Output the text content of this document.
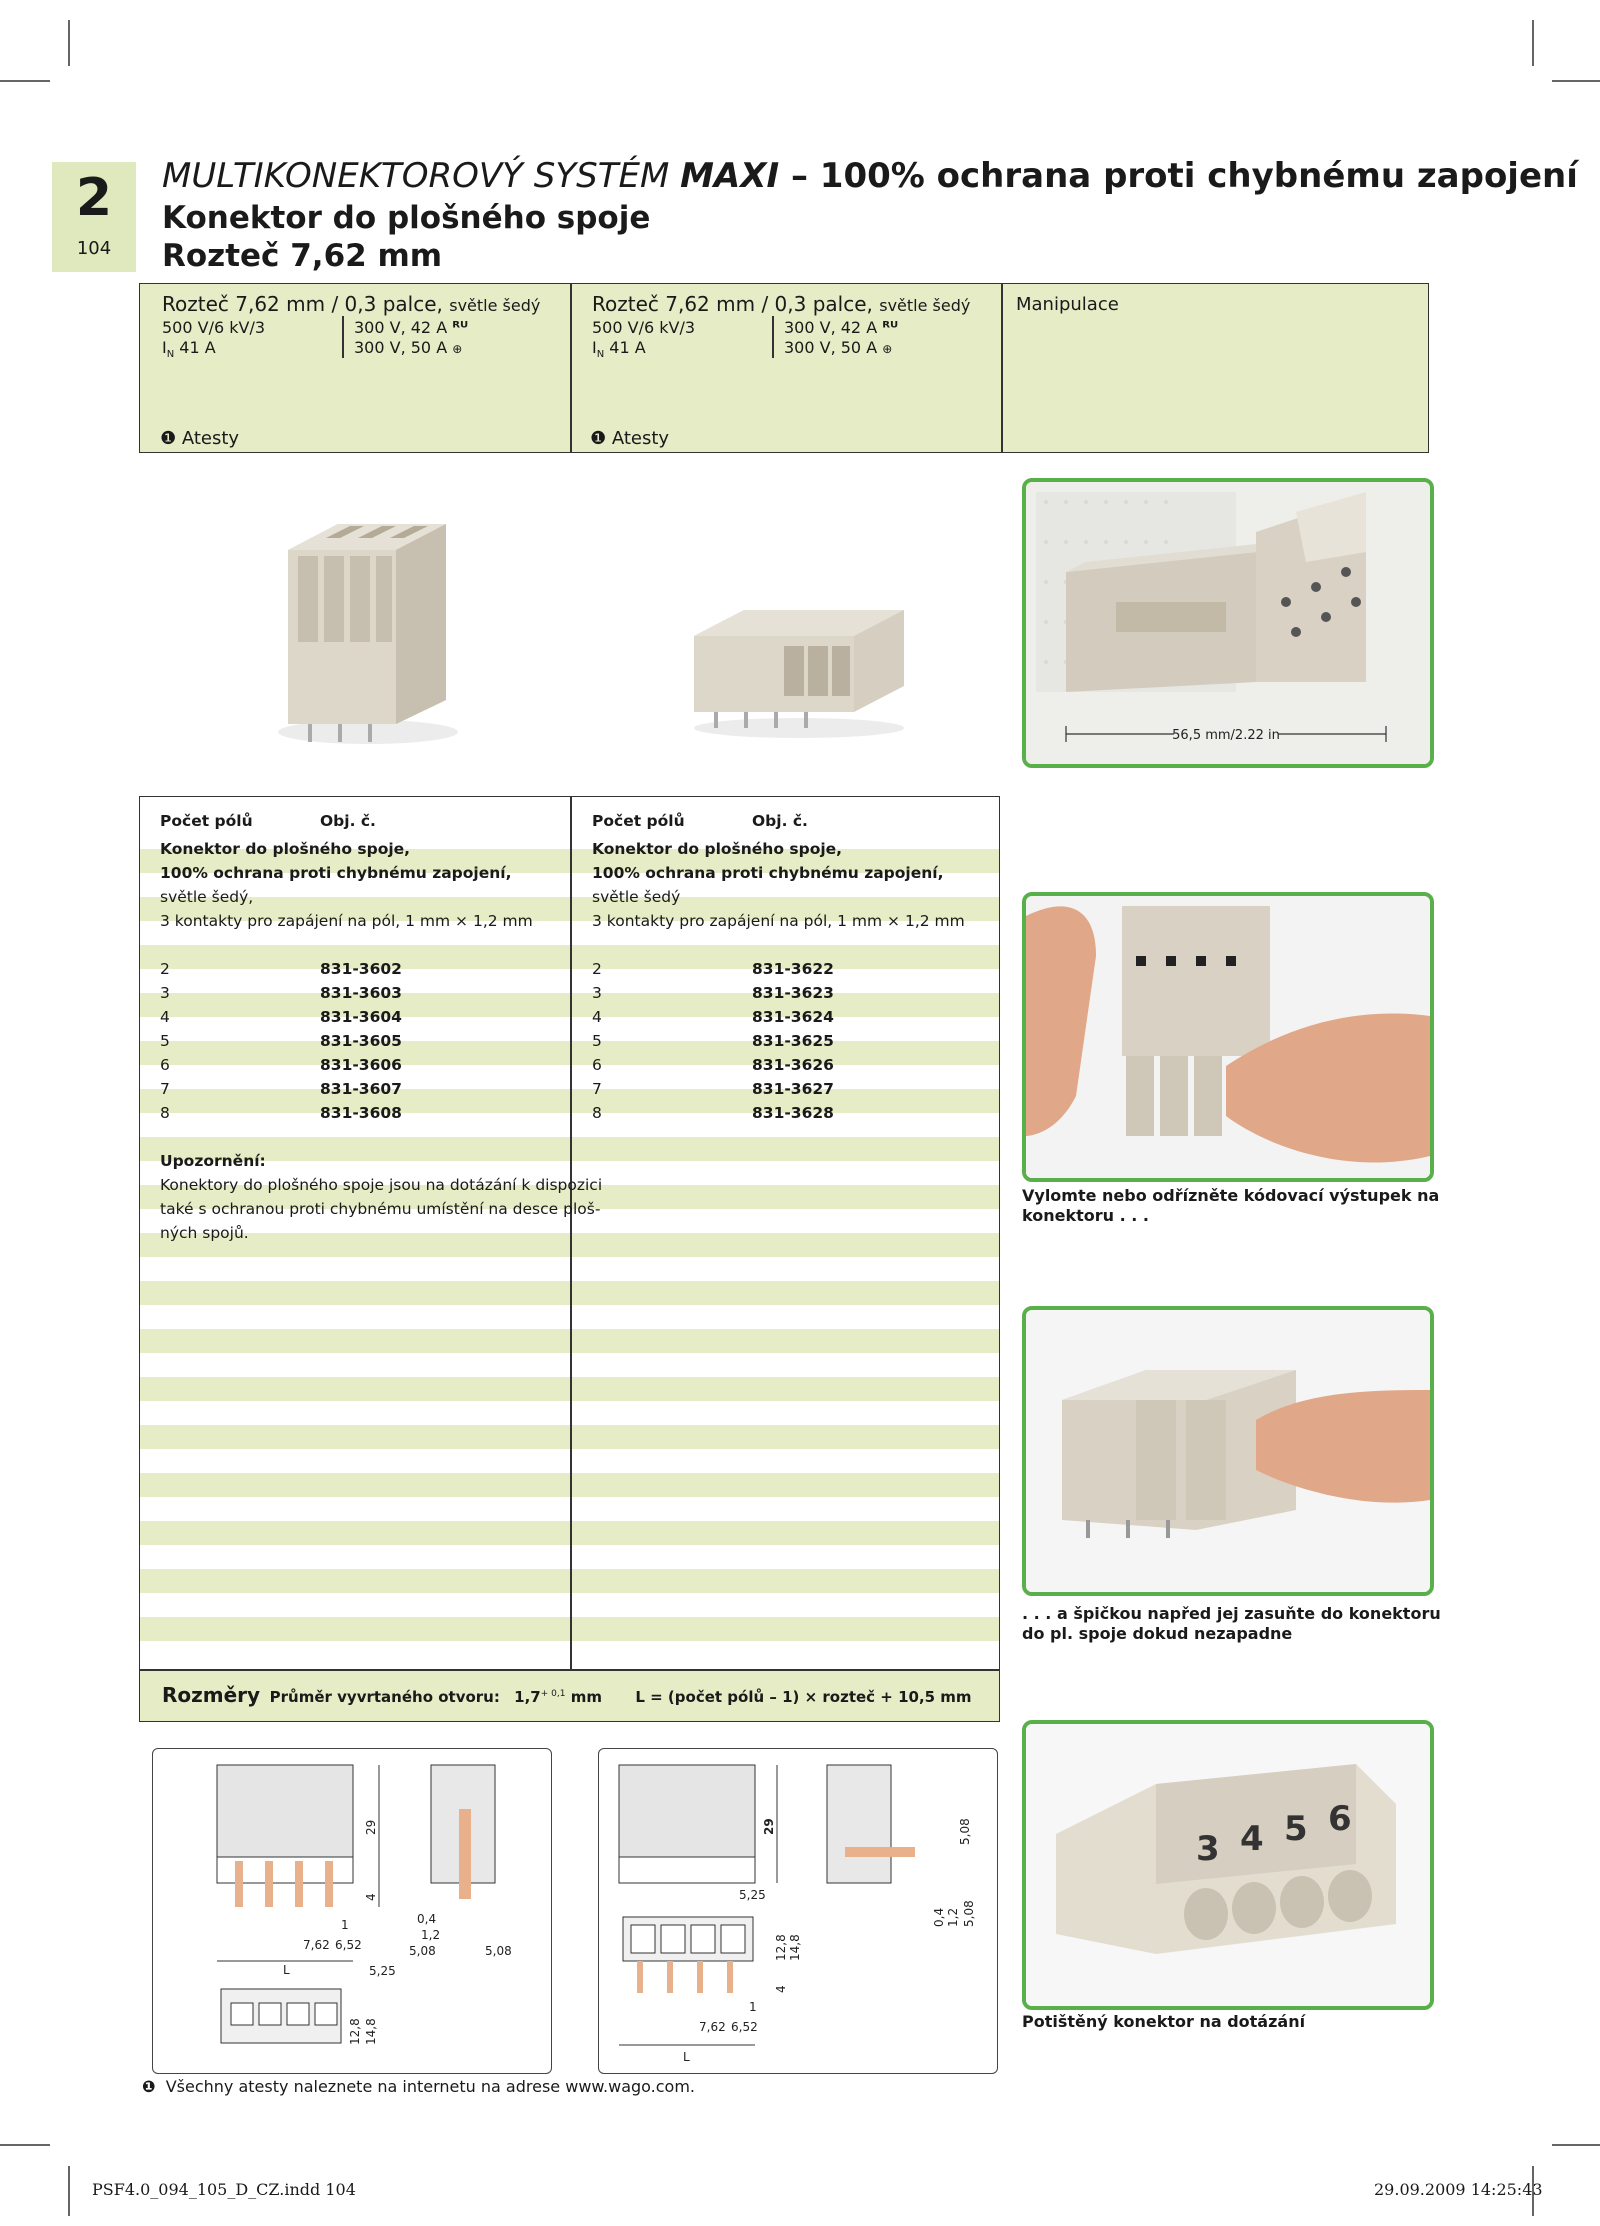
2
104
MULTIKONEKTOROVÝ SYSTÉM MAXI – 100% ochrana proti chybnému zapojení
Konektor do plošného spoje
Rozteč 7,62 mm
Rozteč 7,62 mm / 0,3 palce, světle šedý
500 V/6 kV/3	300 V, 42 A ᴿᵁ
$I_N$ 41 A	300 V, 50 A ⊕
❶ Atesty
Rozteč 7,62 mm / 0,3 palce, světle šedý
500 V/6 kV/3	300 V, 42 A ᴿᵁ
$I_N$ 41 A	300 V, 50 A ⊕
❶ Atesty
Manipulace
56,5 mm/2.22 in
Počet pólů	Obj. č.
Konektor do plošného spoje,
100% ochrana proti chybnému zapojení,
světle šedý,
3 kontakty pro zapájení na pól, 1 mm × 1,2 mm
2	831-3602
3	831-3603
4	831-3604
5	831-3605
6	831-3606
7	831-3607
8	831-3608
Upozornění:
Konektory do plošného spoje jsou na dotázání k dispozici
také s ochranou proti chybnému umístění na desce ploš-
ných spojů.
Počet pólů	Obj. č.
Konektor do plošného spoje,
100% ochrana proti chybnému zapojení,
světle šedý
3 kontakty pro zapájení na pól, 1 mm × 1,2 mm
2	831-3622
3	831-3623
4	831-3624
5	831-3625
6	831-3626
7	831-3627
8	831-3628
Rozměry Průměr vyvrtaného otvoru: $1,7^{+ 0,1}$ mm L = (počet pólů – 1) × rozteč + 10,5 mm
29
4
1
7,62 6,52
L
0,4
1,2
5,08	5,08
5,25
12,8 14,8
29
5,25
5,08
0,4 1,2 5,08
12,8 14,8
4
1
7,62 6,52
L
3 4 5 6
Vylomte nebo odřízněte kódovací výstupek na konektoru . . .
. . . a špičkou napřed jej zasuňte do konektoru do pl. spoje dokud nezapadne
Potištěný konektor na dotázání
❶ Všechny atesty naleznete na internetu na adrese www.wago.com.
PSF4.0_094_105_D_CZ.indd 104	29.09.2009 14:25:43
